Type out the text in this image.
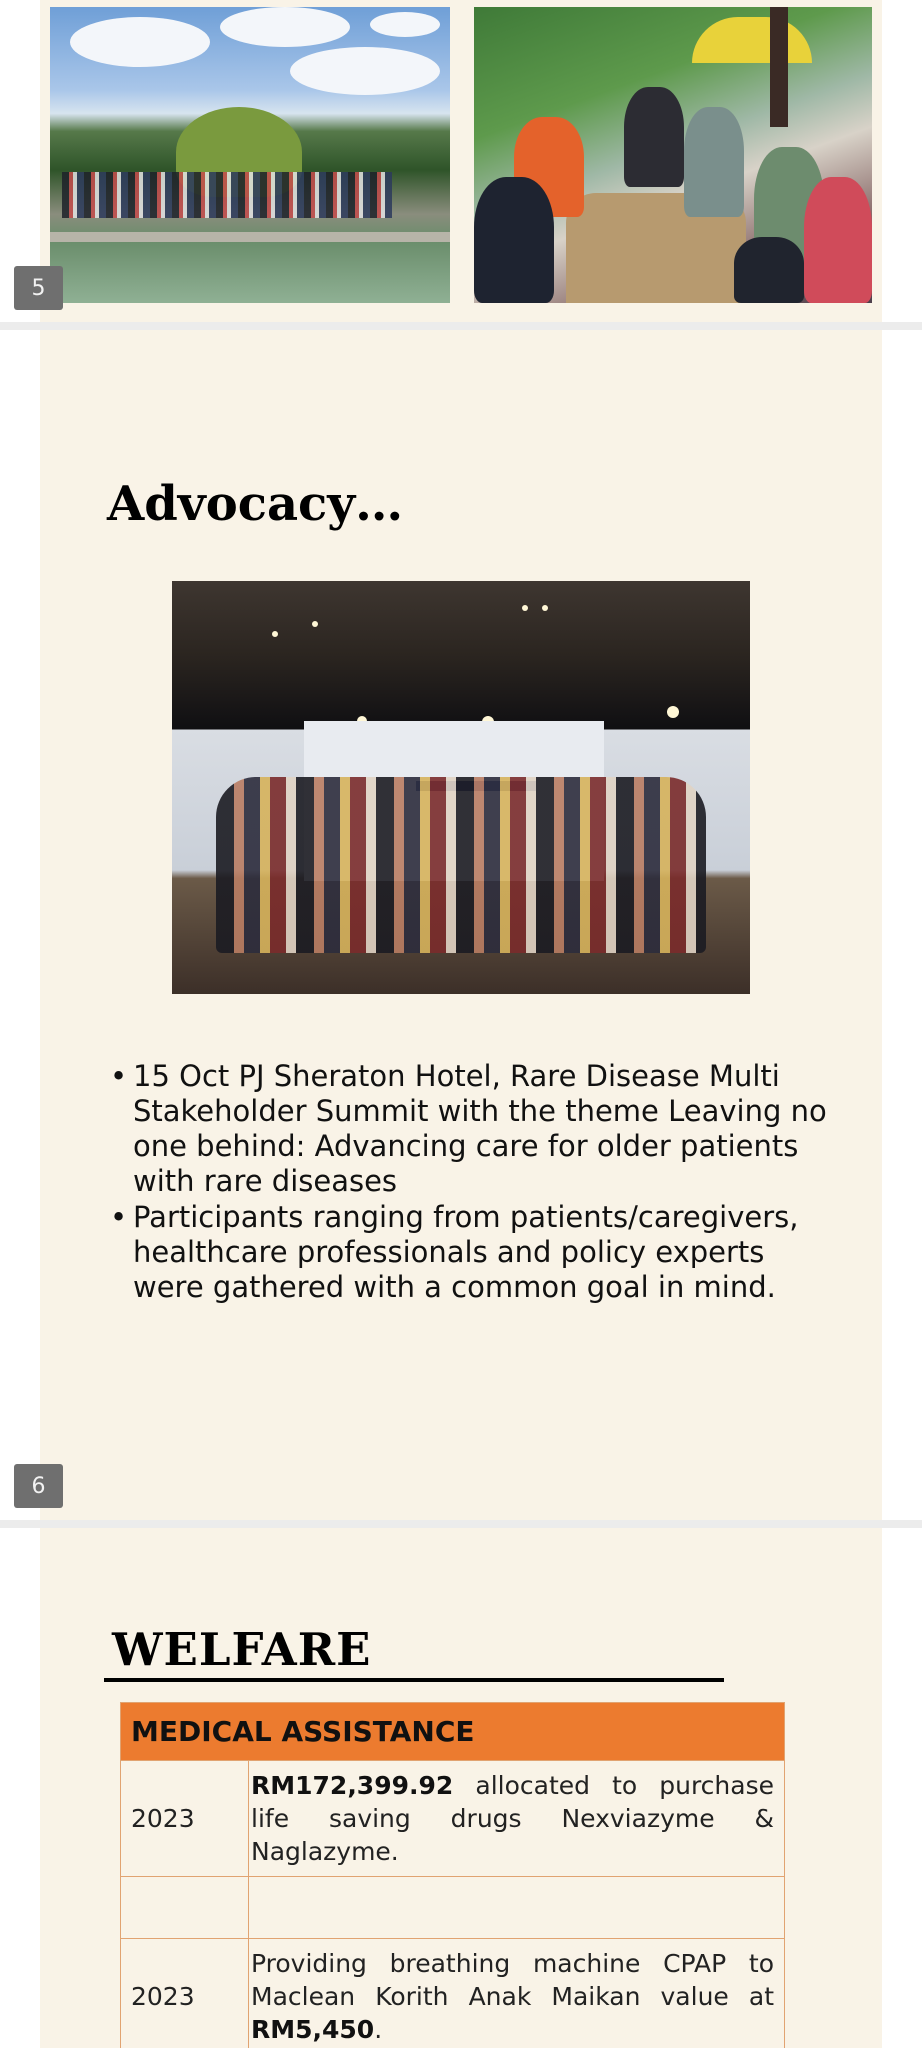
5
Advocacy…
• 15 Oct PJ Sheraton Hotel, Rare Disease Multi Stakeholder Summit with the theme Leaving no one behind: Advancing care for older patients with rare diseases
• Participants ranging from patients/caregivers, healthcare professionals and policy experts were gathered with a common goal in mind.
6
WELFARE
MEDICAL ASSISTANCE	
2023	RM172,399.92 allocated to purchase life saving drugs Nexviazyme & Naglazyme.

2023	Providing breathing machine CPAP to Maclean Korith Anak Maikan value at RM5,450.
